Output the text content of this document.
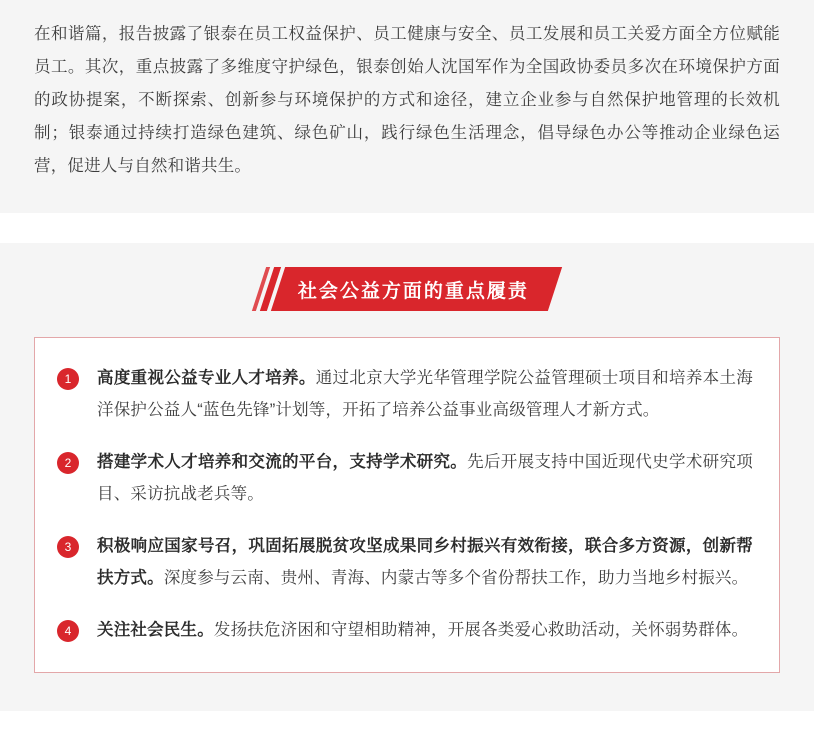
在和谐篇，报告披露了银泰在员工权益保护、员工健康与安全、员工发展和员工关爱方面全方位赋能员工。其次，重点披露了多维度守护绿色，银泰创始人沈国军作为全国政协委员多次在环境保护方面的政协提案，不断探索、创新参与环境保护的方式和途径，建立企业参与自然保护地管理的长效机制；银泰通过持续打造绿色建筑、绿色矿山，践行绿色生活理念，倡导绿色办公等推动企业绿色运营，促进人与自然和谐共生。

社会公益方面的重点履责
1	高度重视公益专业人才培养。通过北京大学光华管理学院公益管理硕士项目和培养本土海洋保护公益人“蓝色先锋”计划等，开拓了培养公益事业高级管理人才新方式。
2	搭建学术人才培养和交流的平台，支持学术研究。先后开展支持中国近现代史学术研究项目、采访抗战老兵等。
3	积极响应国家号召，巩固拓展脱贫攻坚成果同乡村振兴有效衔接，联合多方资源，创新帮扶方式。深度参与云南、贵州、青海、内蒙古等多个省份帮扶工作，助力当地乡村振兴。
4	关注社会民生。发扬扶危济困和守望相助精神，开展各类爱心救助活动，关怀弱势群体。
